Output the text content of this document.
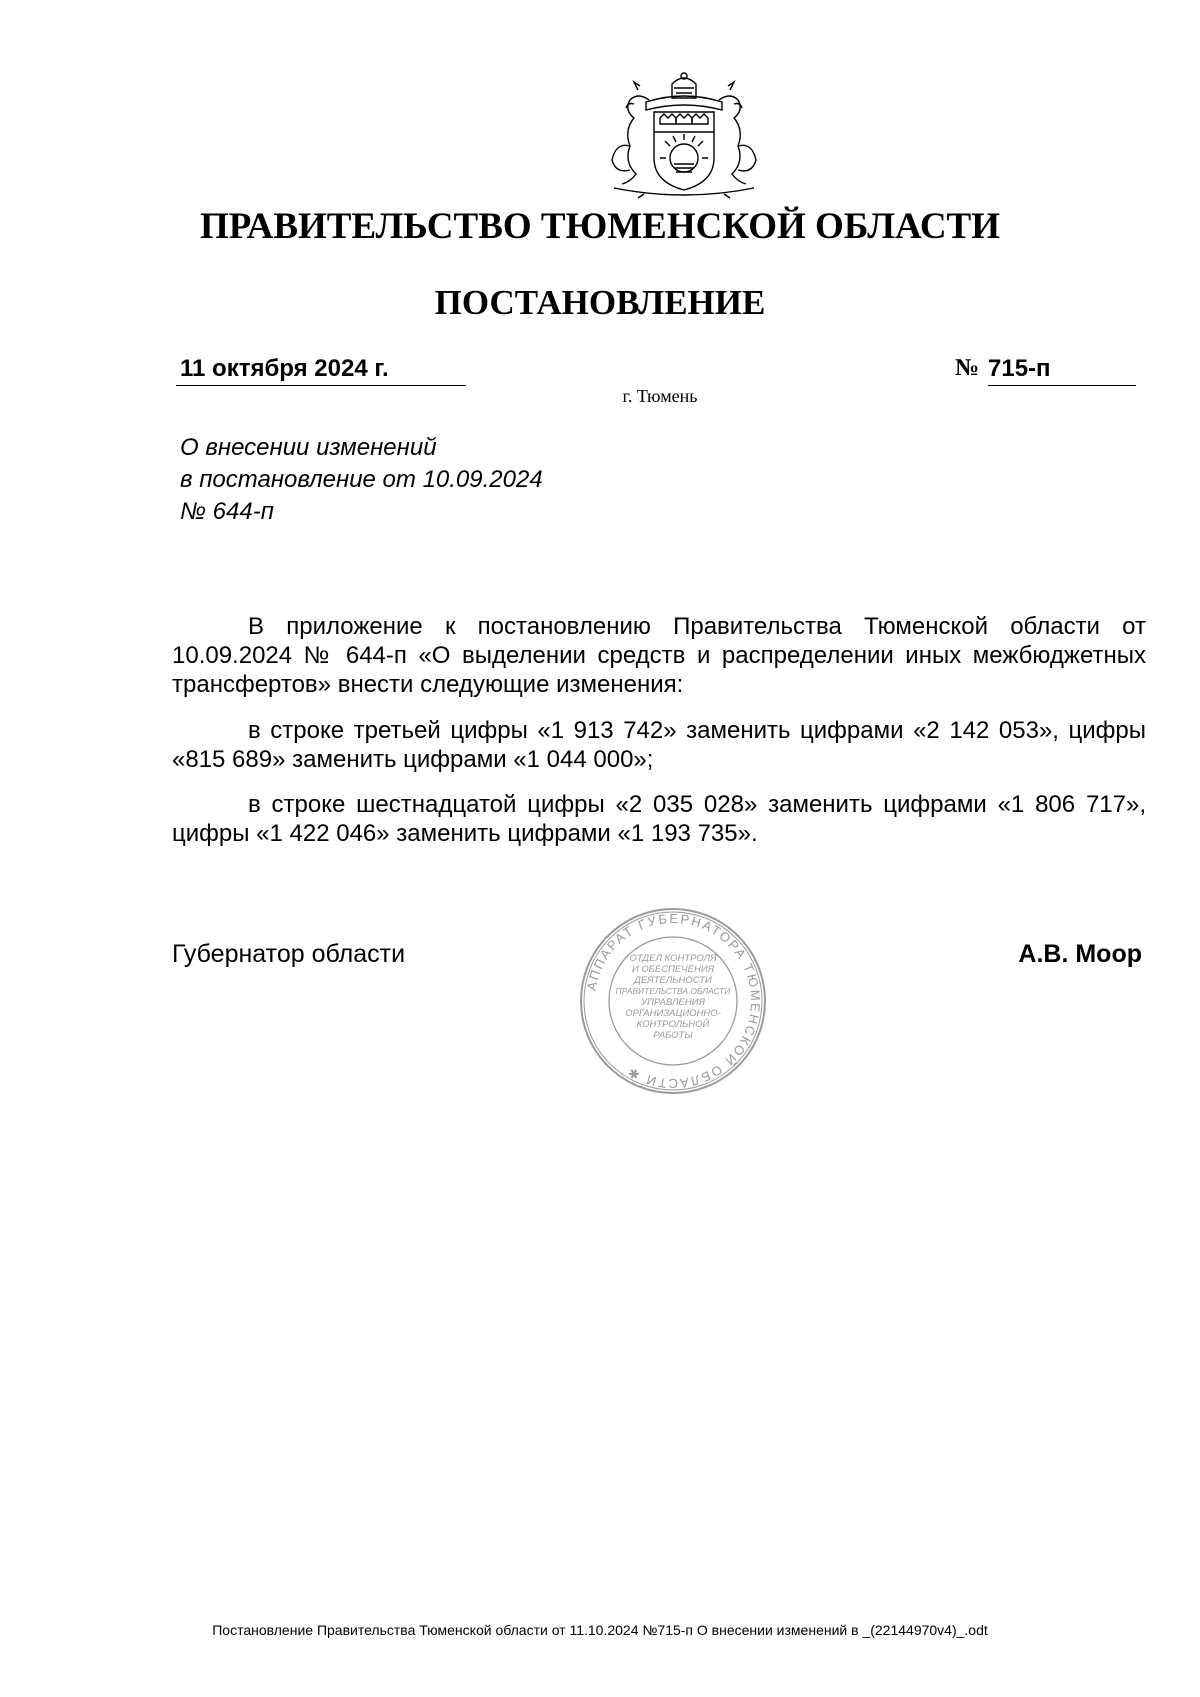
ПРАВИТЕЛЬСТВО ТЮМЕНСКОЙ ОБЛАСТИ
ПОСТАНОВЛЕНИЕ
11 октября 2024 г.	№ 715-п
г. Тюмень
О внесении изменений
в постановление от 10.09.2024
№ 644-п
В приложение к постановлению Правительства Тюменской области от 10.09.2024 № 644-п «О выделении средств и распределении иных межбюджетных трансфертов» внести следующие изменения:
в строке третьей цифры «1 913 742» заменить цифрами «2 142 053», цифры «815 689» заменить цифрами «1 044 000»;
в строке шестнадцатой цифры «2 035 028» заменить цифрами «1 806 717», цифры «1 422 046» заменить цифрами «1 193 735».
Губернатор области	А.В. Моор
АППАРАТ ГУБЕРНАТОРА ТЮМЕНСКОЙ ОБЛАСТИ ✱
ОТДЕЛ КОНТРОЛЯ
И ОБЕСПЕЧЕНИЯ
ДЕЯТЕЛЬНОСТИ
ПРАВИТЕЛЬСТВА ОБЛАСТИ
УПРАВЛЕНИЯ
ОРГАНИЗАЦИОННО-
КОНТРОЛЬНОЙ
РАБОТЫ
Постановление Правительства Тюменской области от 11.10.2024 №715-п О внесении изменений в _(22144970v4)_.odt
